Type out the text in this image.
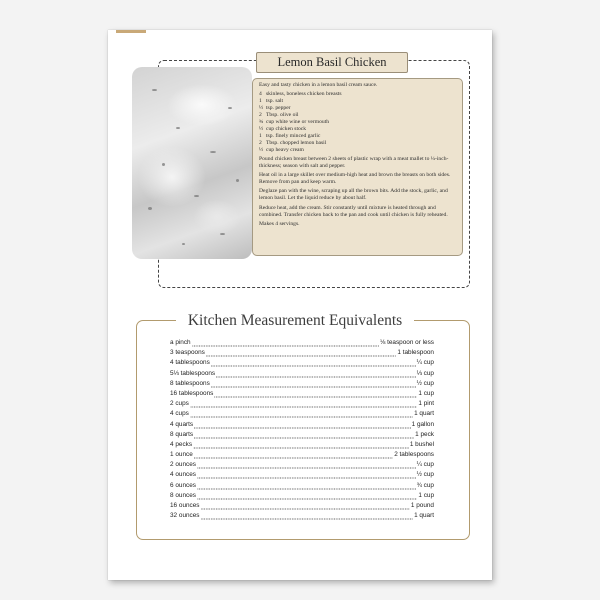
Lemon Basil Chicken

Easy and tasty chicken in a lemon basil cream sauce.

4 skinless, boneless chicken breasts
1 tsp. salt
½ tsp. pepper
2 Tbsp. olive oil
¾ cup white wine or vermouth
½ cup chicken stock
1 tsp. finely minced garlic
2 Tbsp. chopped lemon basil
½ cup heavy cream

Pound chicken breast between 2 sheets of plastic wrap with a meat mallet to ¼-inch-thickness; season with salt and pepper.

Heat oil in a large skillet over medium-high heat and brown the breasts on both sides. Remove from pan and keep warm.

Deglaze pan with the wine, scraping up all the brown bits. Add the stock, garlic, and lemon basil. Let the liquid reduce by about half.

Reduce heat, add the cream. Stir constantly until mixture is heated through and combined. Transfer chicken back to the pan and cook until chicken is fully reheated.

Makes 4 servings.

Kitchen Measurement Equivalents
a pinch	⅛ teaspoon or less
3 teaspoons	1 tablespoon
4 tablespoons	¼ cup
5⅓ tablespoons	⅓ cup
8 tablespoons	½ cup
16 tablespoons	1 cup
2 cups	1 pint
4 cups	1 quart
4 quarts	1 gallon
8 quarts	1 peck
4 pecks	1 bushel
1 ounce	2 tablespoons
2 ounces	¼ cup
4 ounces	½ cup
6 ounces	¾ cup
8 ounces	1 cup
16 ounces	1 pound
32 ounces	1 quart
